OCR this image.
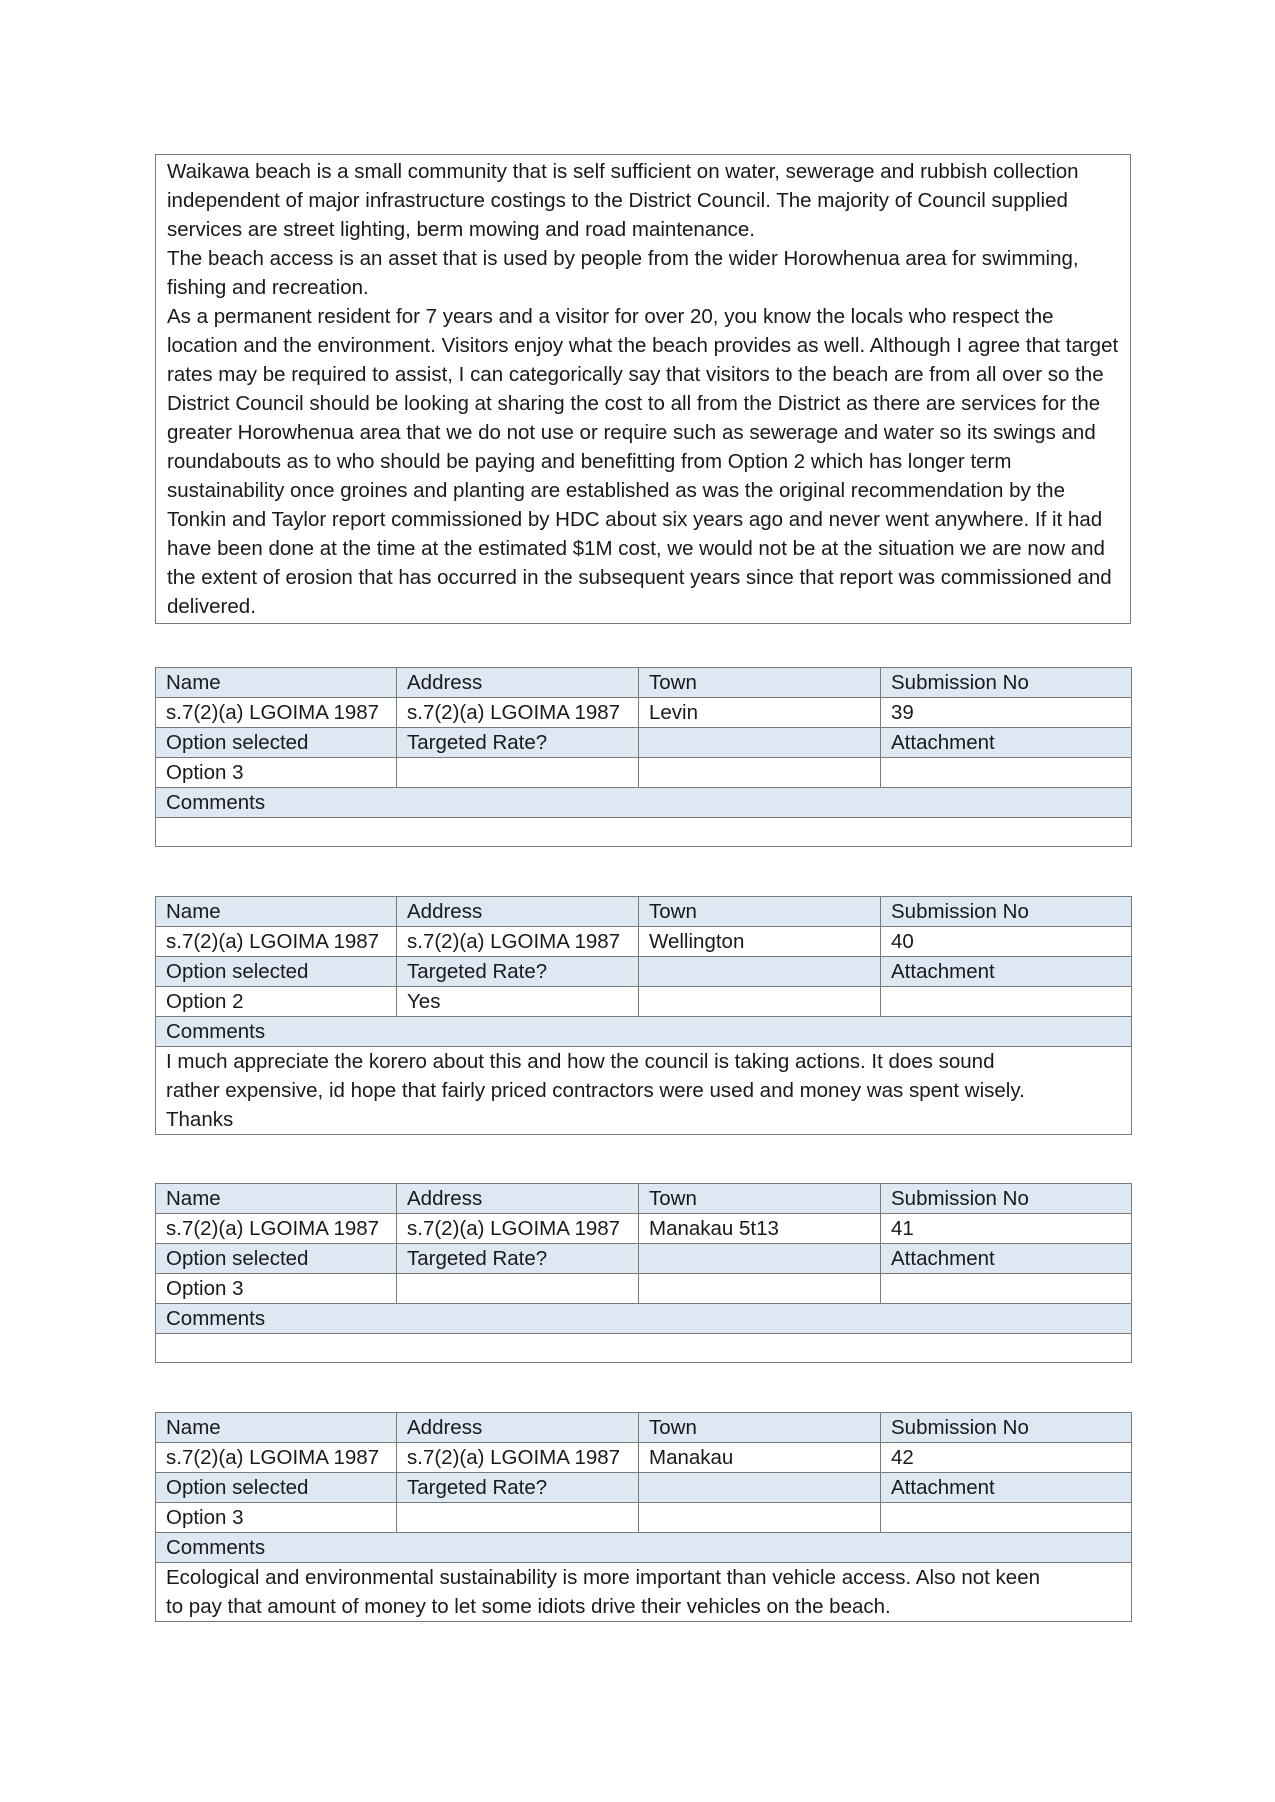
Waikawa beach is a small community that is self sufficient on water, sewerage and rubbish collection independent of major infrastructure costings to the District Council. The majority of Council supplied services are street lighting, berm mowing and road maintenance.
The beach access is an asset that is used by people from the wider Horowhenua area for swimming, fishing and recreation.
As a permanent resident for 7 years and a visitor for over 20, you know the locals who respect the location and the environment. Visitors enjoy what the beach provides as well. Although I agree that target rates may be required to assist, I can categorically say that visitors to the beach are from all over so the District Council should be looking at sharing the cost to all from the District as there are services for the greater Horowhenua area that we do not use or require such as sewerage and water so its swings and roundabouts as to who should be paying and benefitting from Option 2 which has longer term sustainability once groines and planting are established as was the original recommendation by the Tonkin and Taylor report commissioned by HDC about six years ago and never went anywhere. If it had have been done at the time at the estimated $1M cost, we would not be at the situation we are now and the extent of erosion that has occurred in the subsequent years since that report was commissioned and delivered.

Name	Address	Town	Submission No
s.7(2)(a) LGOIMA 1987	s.7(2)(a) LGOIMA 1987	Levin	39
Option selected	Targeted Rate?		Attachment
Option 3			
Comments			

Name	Address	Town	Submission No
s.7(2)(a) LGOIMA 1987	s.7(2)(a) LGOIMA 1987	Wellington	40
Option selected	Targeted Rate?		Attachment
Option 2	Yes		
Comments			
I much appreciate the korero about this and how the council is taking actions. It does sound
rather expensive, id hope that fairly priced contractors were used and money was spent wisely.
Thanks			
Name	Address	Town	Submission No
s.7(2)(a) LGOIMA 1987	s.7(2)(a) LGOIMA 1987	Manakau 5t13	41
Option selected	Targeted Rate?		Attachment
Option 3			
Comments			

Name	Address	Town	Submission No
s.7(2)(a) LGOIMA 1987	s.7(2)(a) LGOIMA 1987	Manakau	42
Option selected	Targeted Rate?		Attachment
Option 3			
Comments			
Ecological and environmental sustainability is more important than vehicle access. Also not keen
to pay that amount of money to let some idiots drive their vehicles on the beach.			
